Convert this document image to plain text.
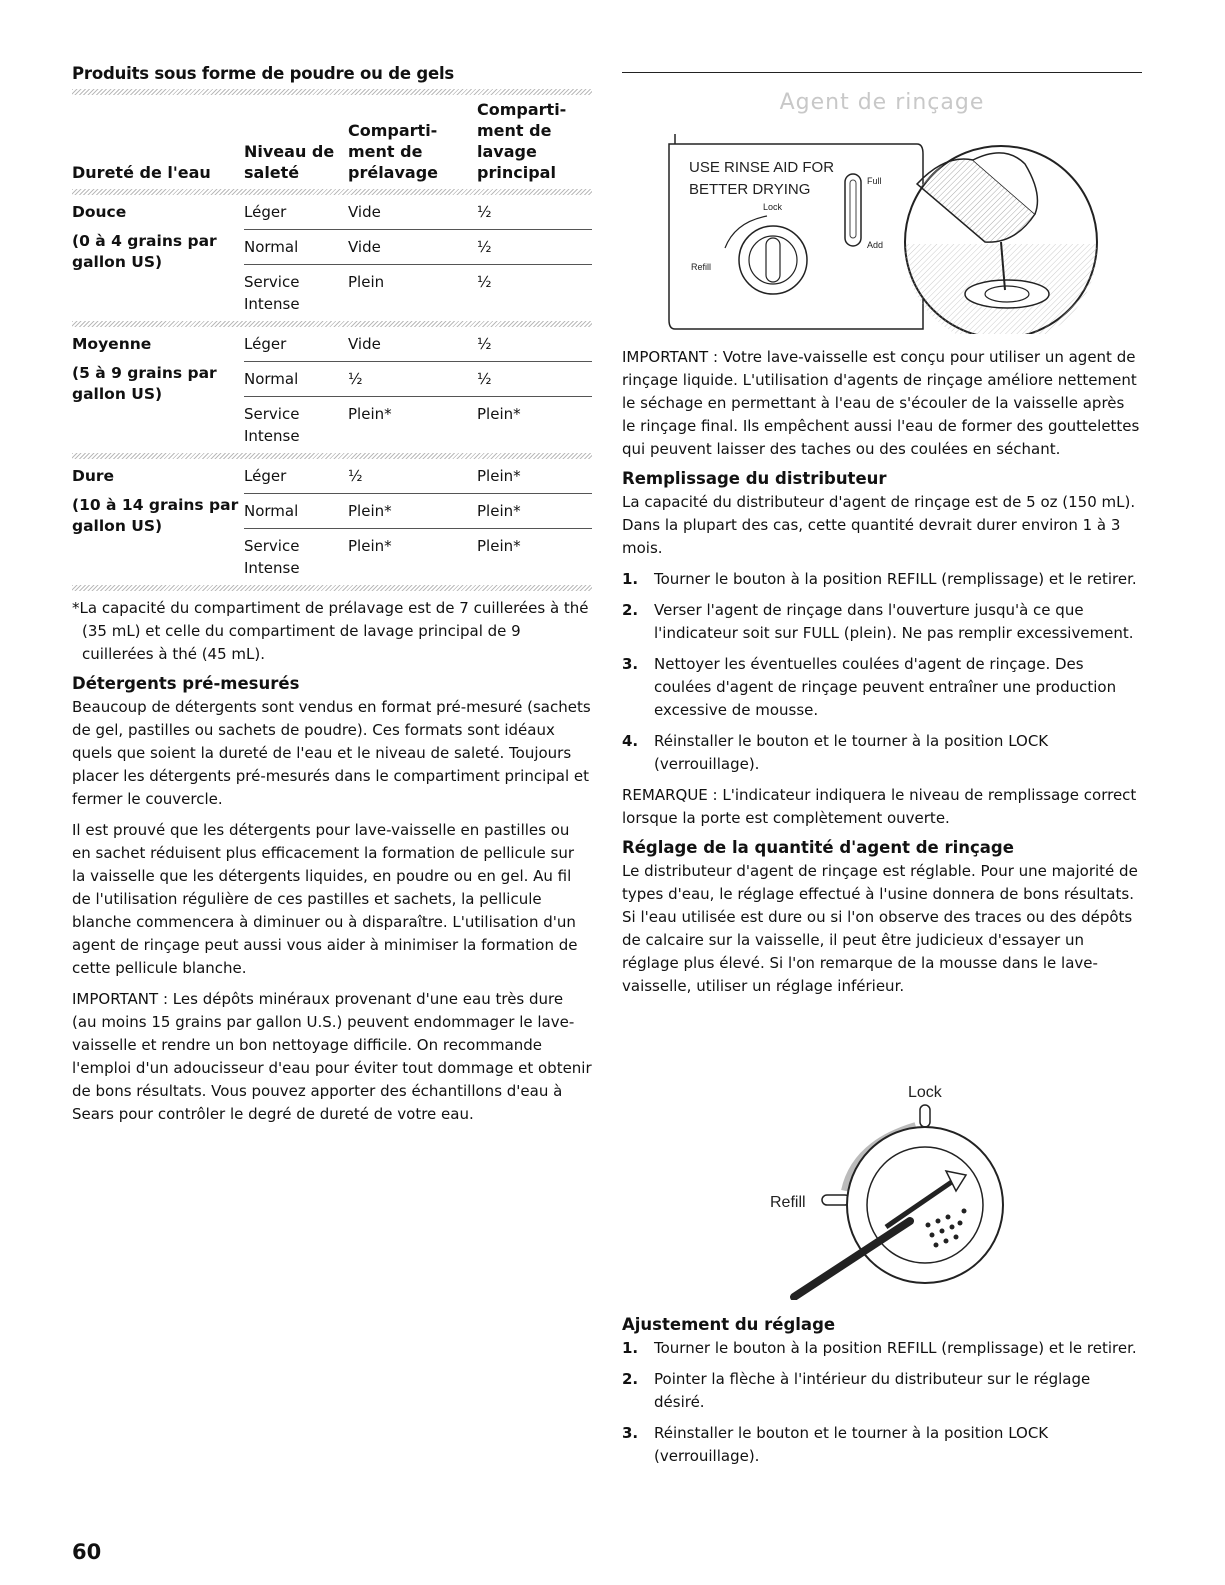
Produits sous forme de poudre ou de gels
Dureté de l'eau	Niveau de saleté	Comparti- ment de prélavage	Comparti- ment de lavage principal

Douce
(0 à 4 grains par gallon US)	Léger	Vide	½
	Normal	Vide	½
	Service Intense	Plein	½

Moyenne
(5 à 9 grains par gallon US)	Léger	Vide	½
	Normal	½	½
	Service Intense	Plein*	Plein*

Dure
(10 à 14 grains par gallon US)	Léger	½	Plein*
	Normal	Plein*	Plein*
	Service Intense	Plein*	Plein*

*La capacité du compartiment de prélavage est de 7 cuillerées à thé (35 mL) et celle du compartiment de lavage principal de 9 cuillerées à thé (45 mL).
Détergents pré-mesurés

Beaucoup de détergents sont vendus en format pré-mesuré (sachets de gel, pastilles ou sachets de poudre). Ces formats sont idéaux quels que soient la dureté de l'eau et le niveau de saleté. Toujours placer les détergents pré-mesurés dans le compartiment principal et fermer le couvercle.

Il est prouvé que les détergents pour lave-vaisselle en pastilles ou en sachet réduisent plus efficacement la formation de pellicule sur la vaisselle que les détergents liquides, en poudre ou en gel. Au fil de l'utilisation régulière de ces pastilles et sachets, la pellicule blanche commencera à diminuer ou à disparaître. L'utilisation d'un agent de rinçage peut aussi vous aider à minimiser la formation de cette pellicule blanche.

IMPORTANT : Les dépôts minéraux provenant d'une eau très dure (au moins 15 grains par gallon U.S.) peuvent endommager le lave-vaisselle et rendre un bon nettoyage difficile. On recommande l'emploi d'un adoucisseur d'eau pour éviter tout dommage et obtenir de bons résultats. Vous pouvez apporter des échantillons d'eau à Sears pour contrôler le degré de dureté de votre eau.

Agent de rinçage
USE RINSE AID FOR
BETTER DRYING
Lock
Refill
Full
Add

IMPORTANT : Votre lave-vaisselle est conçu pour utiliser un agent de rinçage liquide. L'utilisation d'agents de rinçage améliore nettement le séchage en permettant à l'eau de s'écouler de la vaisselle après le rinçage final. Ils empêchent aussi l'eau de former des gouttelettes qui peuvent laisser des taches ou des coulées en séchant.

Remplissage du distributeur

La capacité du distributeur d'agent de rinçage est de 5 oz (150 mL). Dans la plupart des cas, cette quantité devrait durer environ 1 à 3 mois.

1. Tourner le bouton à la position REFILL (remplissage) et le retirer.
2. Verser l'agent de rinçage dans l'ouverture jusqu'à ce que l'indicateur soit sur FULL (plein). Ne pas remplir excessivement.
3. Nettoyer les éventuelles coulées d'agent de rinçage. Des coulées d'agent de rinçage peuvent entraîner une production excessive de mousse.
4. Réinstaller le bouton et le tourner à la position LOCK (verrouillage).

REMARQUE : L'indicateur indiquera le niveau de remplissage correct lorsque la porte est complètement ouverte.

Réglage de la quantité d'agent de rinçage

Le distributeur d'agent de rinçage est réglable. Pour une majorité de types d'eau, le réglage effectué à l'usine donnera de bons résultats. Si l'eau utilisée est dure ou si l'on observe des traces ou des dépôts de calcaire sur la vaisselle, il peut être judicieux d'essayer un réglage plus élevé. Si l'on remarque de la mousse dans le lave-vaisselle, utiliser un réglage inférieur.

Lock
Refill
Ajustement du réglage
1. Tourner le bouton à la position REFILL (remplissage) et le retirer.
2. Pointer la flèche à l'intérieur du distributeur sur le réglage désiré.
3. Réinstaller le bouton et le tourner à la position LOCK (verrouillage).
60
